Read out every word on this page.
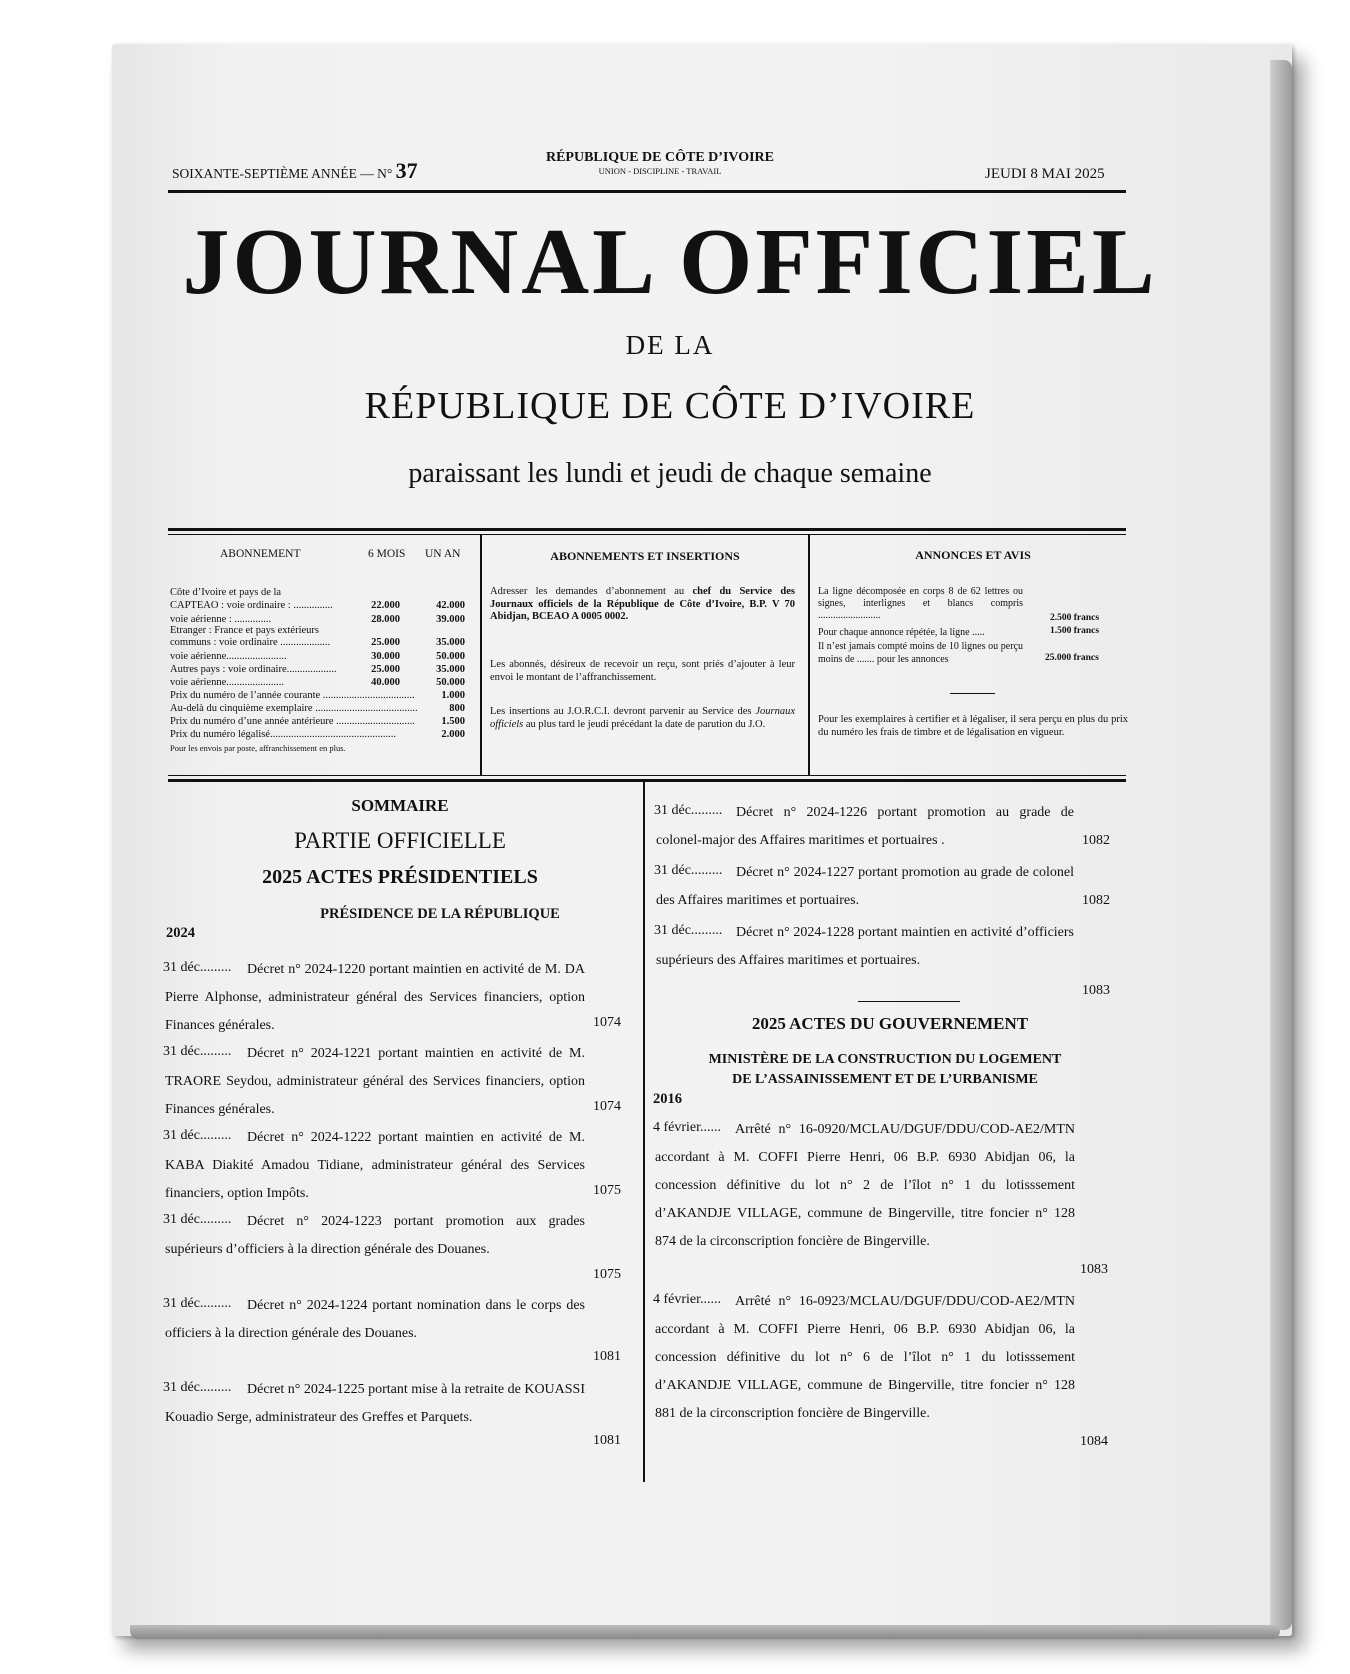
SOIXANTE-SEPTIÈME ANNÉE — N° 37
RÉPUBLIQUE DE CÔTE D’IVOIRE
UNION - DISCIPLINE - TRAVAIL	JEUDI 8 MAI 2025
JOURNAL OFFICIEL
DE LA
RÉPUBLIQUE DE CÔTE D’IVOIRE
paraissant les lundi et jeudi de chaque semaine
ABONNEMENT	6 MOIS UN AN
Côte d’Ivoire et pays de la
CAPTEAO : voie ordinaire : ...............	22.000	42.000
voie aérienne : ..............	28.000	39.000
Etranger : France et pays extérieurs
communs : voie ordinaire ...................	25.000	35.000
voie aérienne.......................	30.000	50.000
Autres pays : voie ordinaire...................	25.000	35.000
voie aérienne......................	40.000	50.000
Prix du numéro de l’année courante ...................................	1.000
Au-delà du cinquième exemplaire .......................................	800
Prix du numéro d’une année antérieure ..............................	1.500
Prix du numéro légalisé................................................	2.000
Pour les envois par poste, affranchissement en plus.
ABONNEMENTS ET INSERTIONS
Adresser les demandes d’abonnement au chef du Service des Journaux officiels de la République de Côte d’Ivoire, B.P. V 70 Abidjan, BCEAO A 0005 0002.
Les abonnés, désireux de recevoir un reçu, sont priés d’ajouter à leur envoi le montant de l’affranchissement.
Les insertions au J.O.R.C.I. devront parvenir au Service des Journaux officiels au plus tard le jeudi précédant la date de parution du J.O.
ANNONCES ET AVIS
La ligne décomposée en corps 8 de 62 lettres ou signes, interlignes et blancs compris .........................	2.500 francs
Pour chaque annonce répétée, la ligne .....	1.500 francs
Il n’est jamais compté moins de 10 lignes ou perçu moins de ....... pour les annonces	25.000 francs
Pour les exemplaires à certifier et à légaliser, il sera perçu en plus du prix du numéro les frais de timbre et de légalisation en vigueur.
SOMMAIRE
PARTIE OFFICIELLE
2025 ACTES PRÉSIDENTIELS
PRÉSIDENCE DE LA RÉPUBLIQUE
2024
31 déc.........	Décret n° 2024-1220 portant maintien en activité de M. DA Pierre Alphonse, administrateur général des Services financiers, option Finances générales.	1074
31 déc.........	Décret n° 2024-1221 portant maintien en activité de M. TRAORE Seydou, administrateur général des Services financiers, option Finances générales.	1074
31 déc.........	Décret n° 2024-1222 portant maintien en activité de M. KABA Diakité Amadou Tidiane, administrateur général des Services financiers, option Impôts.	1075
31 déc.........	Décret n° 2024-1223 portant promotion aux grades supérieurs d’officiers à la direction générale des Douanes.
1075
31 déc.........	Décret n° 2024-1224 portant nomination dans le corps des officiers à la direction générale des Douanes.
1081
31 déc.........	Décret n° 2024-1225 portant mise à la retraite de KOUASSI Kouadio Serge, administrateur des Greffes et Parquets.
1081
31 déc......... Décret n° 2024-1226 portant promotion au grade de colonel-major des Affaires maritimes et portuaires .	1082
31 déc......... Décret n° 2024-1227 portant promotion au grade de colonel des Affaires maritimes et portuaires.	1082
31 déc......... Décret n° 2024-1228 portant maintien en activité d’officiers supérieurs des Affaires maritimes et portuaires.
1083
2025 ACTES DU GOUVERNEMENT
MINISTÈRE DE LA CONSTRUCTION DU LOGEMENT
DE L’ASSAINISSEMENT ET DE L’URBANISME
2016
4 février...... Arrêté n° 16-0920/MCLAU/DGUF/DDU/COD-AE2/MTN accordant à M. COFFI Pierre Henri, 06 B.P. 6930 Abidjan 06, la concession définitive du lot n° 2 de l’îlot n° 1 du lotisssement d’AKANDJE VILLAGE, commune de Bingerville, titre foncier n° 128 874 de la circonscription foncière de Bingerville.
1083
4 février...... Arrêté n° 16-0923/MCLAU/DGUF/DDU/COD-AE2/MTN accordant à M. COFFI Pierre Henri, 06 B.P. 6930 Abidjan 06, la concession définitive du lot n° 6 de l’îlot n° 1 du lotisssement d’AKANDJE VILLAGE, commune de Bingerville, titre foncier n° 128 881 de la circonscription foncière de Bingerville.
1084
